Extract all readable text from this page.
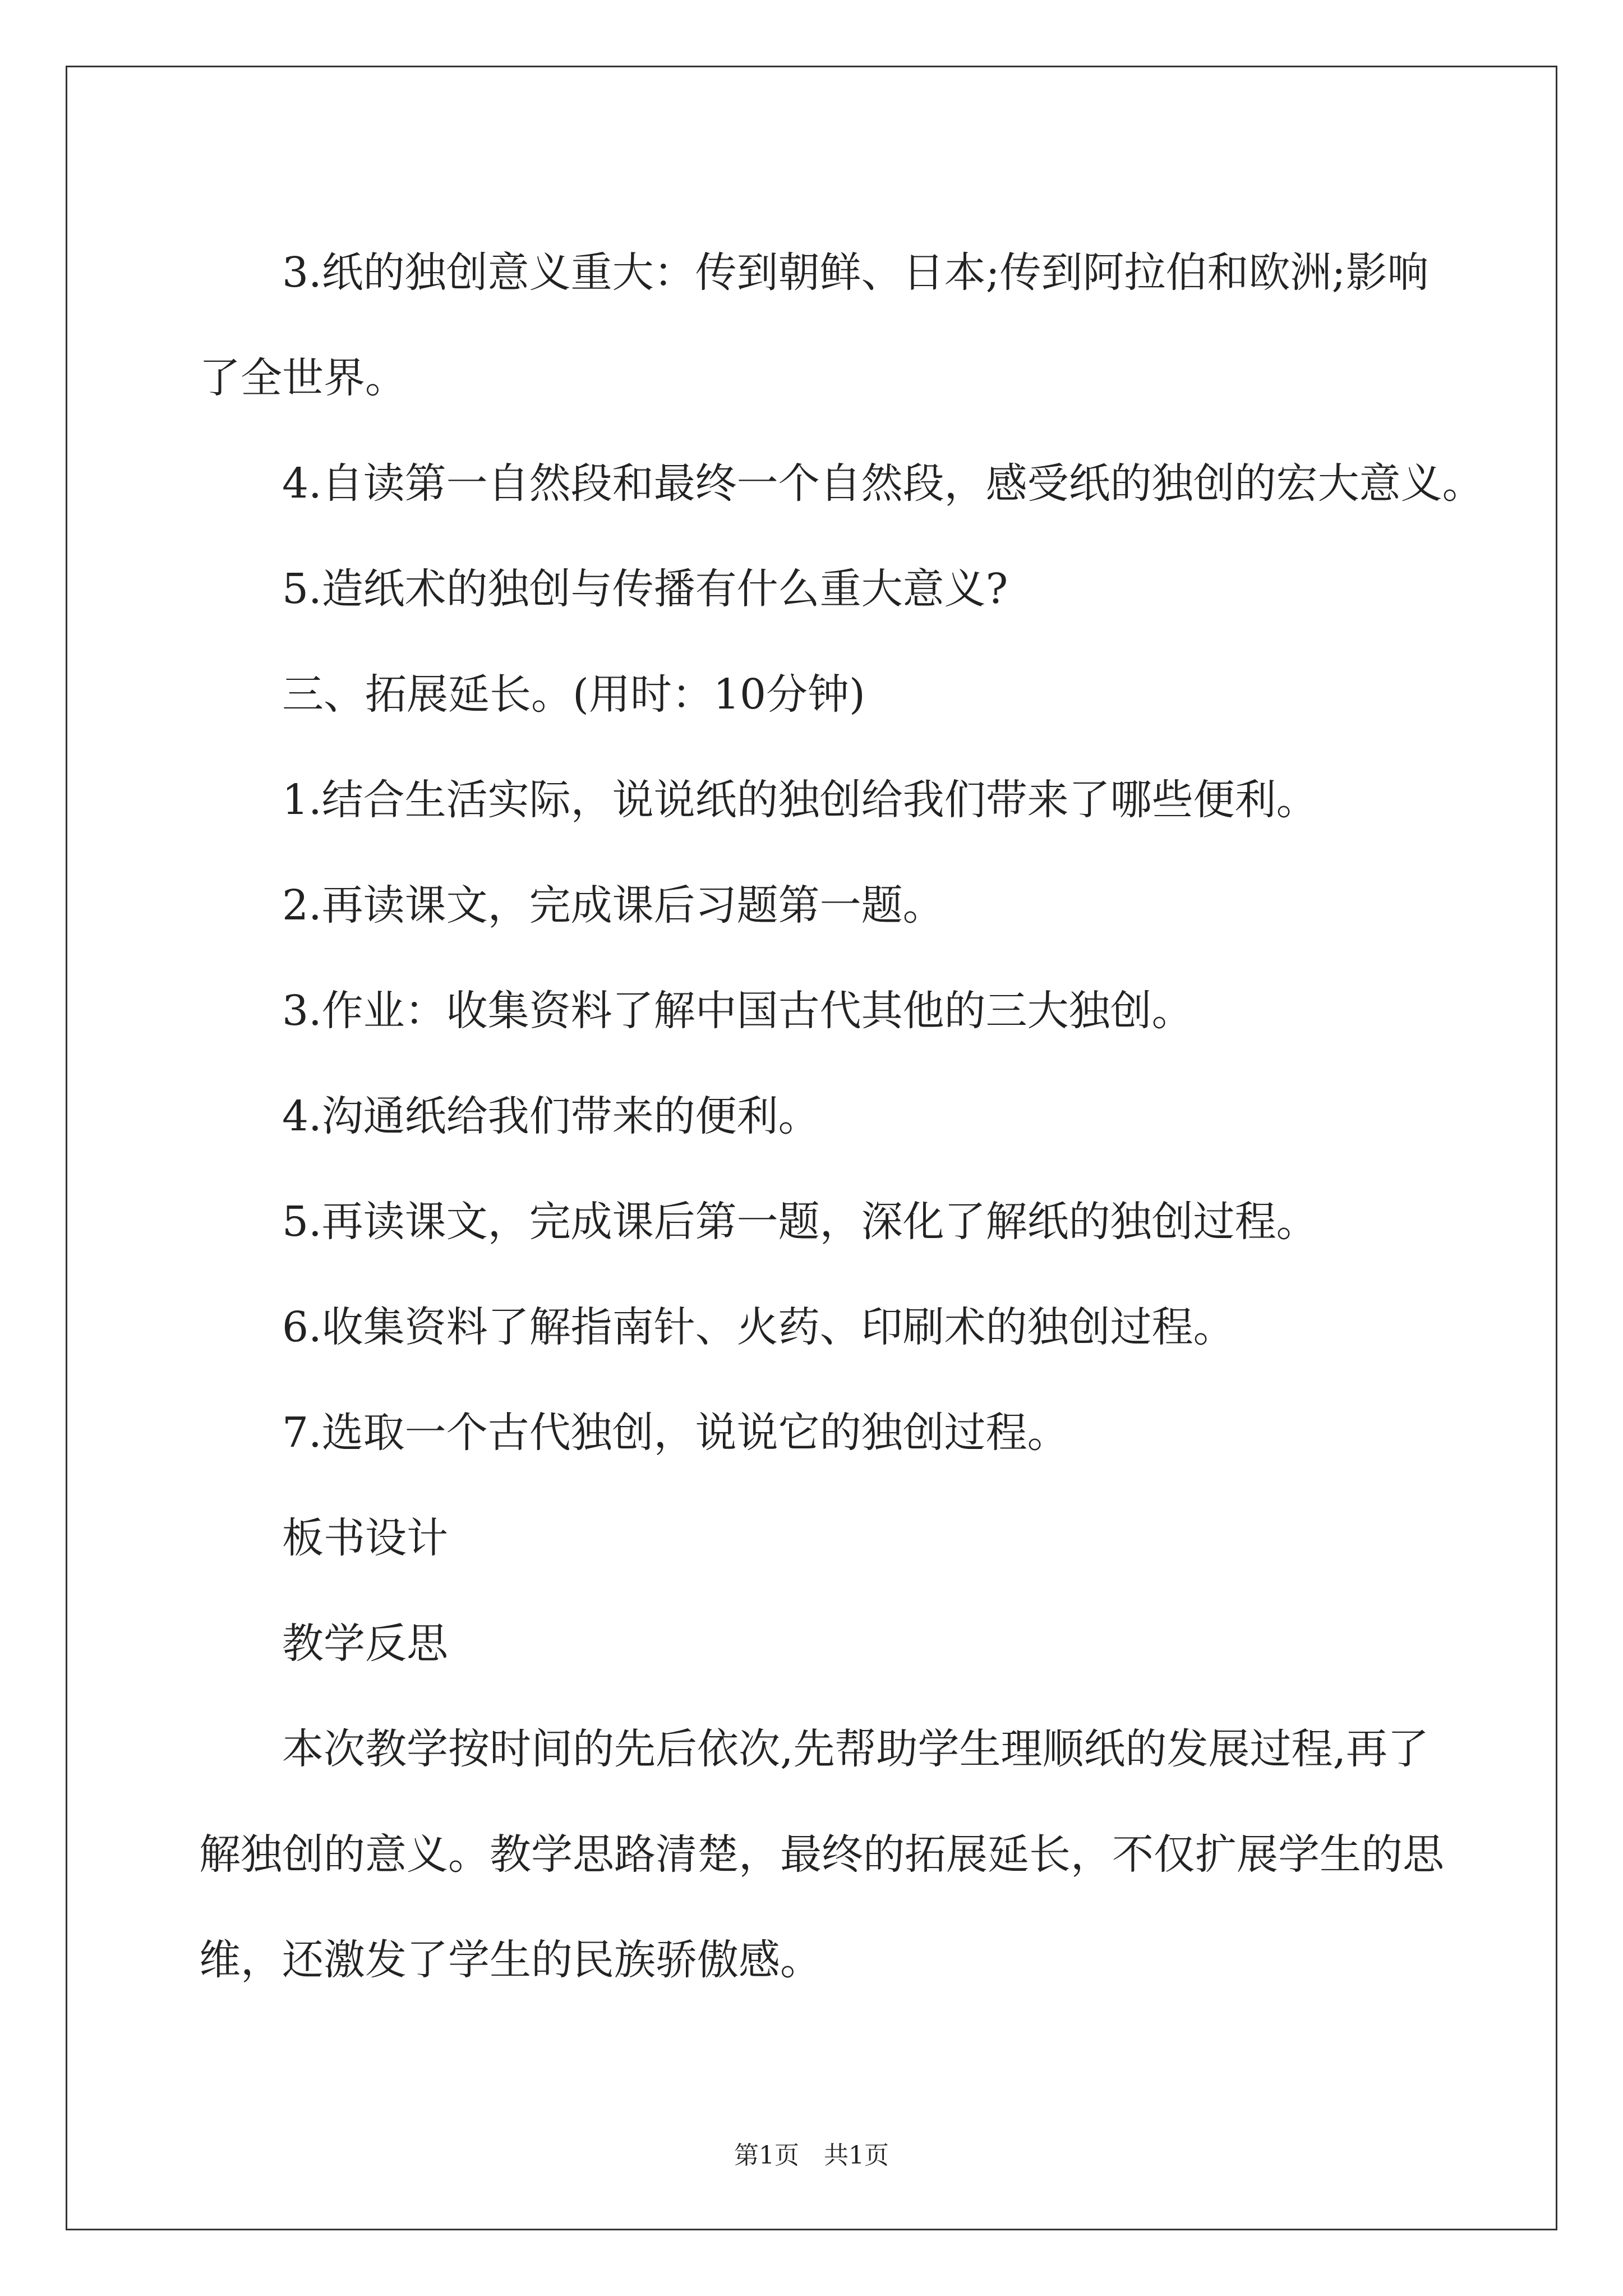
3.纸的独创意义重大：传到朝鲜、日本;传到阿拉伯和欧洲;影响

了全世界。

4.自读第一自然段和最终一个自然段，感受纸的独创的宏大意义。

5.造纸术的独创与传播有什么重大意义?

三、拓展延长。(用时：10分钟)

1.结合生活实际，说说纸的独创给我们带来了哪些便利。

2.再读课文，完成课后习题第一题。

3.作业：收集资料了解中国古代其他的三大独创。

4.沟通纸给我们带来的便利。

5.再读课文，完成课后第一题，深化了解纸的独创过程。

6.收集资料了解指南针、火药、印刷术的独创过程。

7.选取一个古代独创，说说它的独创过程。

板书设计

教学反思

本次教学按时间的先后依次,先帮助学生理顺纸的发展过程,再了

解独创的意义。教学思路清楚，最终的拓展延长，不仅扩展学生的思

维，还激发了学生的民族骄傲感。

第1页　共1页
